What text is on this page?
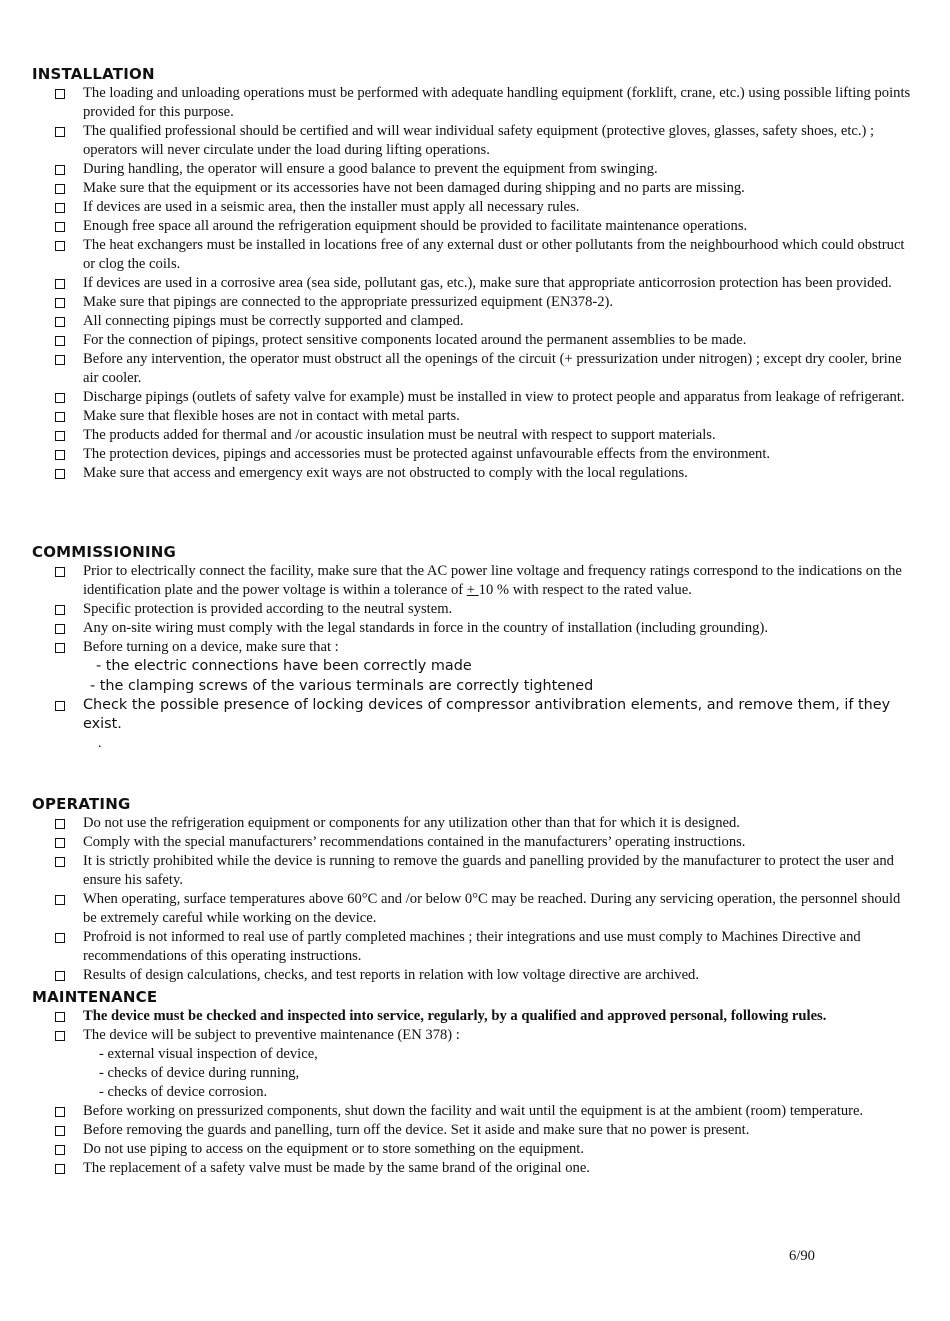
INSTALLATION
The loading and unloading operations must be performed with adequate handling equipment (forklift, crane, etc.) using possible lifting points provided for this purpose.
The qualified professional should be certified and will wear individual safety equipment (protective gloves, glasses, safety shoes, etc.) ; operators will never circulate under the load during lifting operations.
During handling, the operator will ensure a good balance to prevent the equipment from swinging.
Make sure that the equipment or its accessories have not been damaged during shipping and no parts are missing.
If devices are used in a seismic area, then the installer must apply all necessary rules.
Enough free space all around the refrigeration equipment should be provided to facilitate maintenance operations.
The heat exchangers must be installed in locations free of any external dust or other pollutants from the neighbourhood which could obstruct or clog the coils.
If devices are used in a corrosive area (sea side, pollutant gas, etc.), make sure that appropriate anticorrosion protection has been provided.
Make sure that pipings are connected to the appropriate pressurized equipment (EN378-2).
All connecting pipings must be correctly supported and clamped.
For the connection of pipings, protect sensitive components located around the permanent assemblies to be made.
Before any intervention, the operator must obstruct all the openings of the circuit (+ pressurization under nitrogen) ; except dry cooler, brine air cooler.
Discharge pipings (outlets of safety valve for example) must be installed in view to protect people and apparatus from leakage of refrigerant.
Make sure that flexible hoses are not in contact with metal parts.
The products added for thermal and /or acoustic insulation must be neutral with respect to support materials.
The protection devices, pipings and accessories must be protected against unfavourable effects from the environment.
Make sure that access and emergency exit ways are not obstructed to comply with the local regulations.
COMMISSIONING
Prior to electrically connect the facility, make sure that the AC power line voltage and frequency ratings correspond to the indications on the identification plate and the power voltage is within a tolerance of + 10 % with respect to the rated value.
Specific protection is provided according to the neutral system.
Any on-site wiring must comply with the legal standards in force in the country of installation (including grounding).
Before turning on a device, make sure that :
- the electric connections have been correctly made
- the clamping screws of the various terminals are correctly tightened
Check the possible presence of locking devices of compressor antivibration elements, and remove them, if they exist.
.
OPERATING
Do not use the refrigeration equipment or components for any utilization other than that for which it is designed.
Comply with the special manufacturers’ recommendations contained in the manufacturers’ operating instructions.
It is strictly prohibited while the device is running to remove the guards and panelling provided by the manufacturer to protect the user and ensure his safety.
When operating, surface temperatures above 60°C and /or below 0°C may be reached. During any servicing operation, the personnel should be extremely careful while working on the device.
Profroid is not informed to real use of partly completed machines ; their integrations and use must comply to Machines Directive and recommendations of this operating instructions.
Results of design calculations, checks, and test reports in relation with low voltage directive are archived.
MAINTENANCE
The device must be checked and inspected into service, regularly, by a qualified and approved personal, following rules.
The device will be subject to preventive maintenance (EN 378) :
- external visual inspection of device,
- checks of device during running,
- checks of device corrosion.
Before working on pressurized components, shut down the facility and wait until the equipment is at the ambient (room) temperature.
Before removing the guards and panelling, turn off the device. Set it aside and make sure that no power is present.
Do not use piping to access on the equipment or to store something on the equipment.
The replacement of a safety valve must be made by the same brand of the original one.
6/90
